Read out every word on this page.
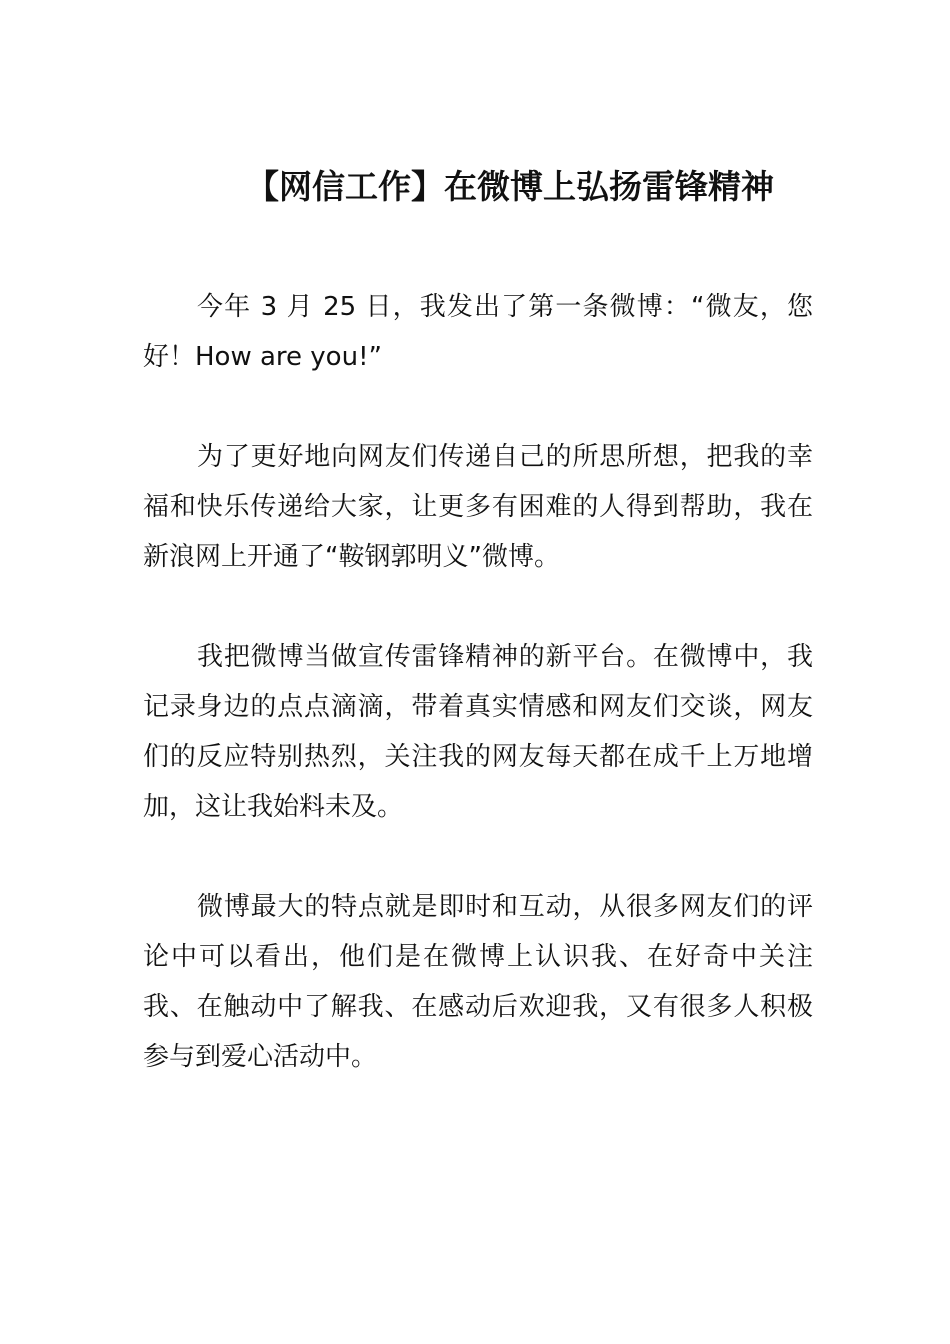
【网信工作】在微博上弘扬雷锋精神

今年 3 月 25 日，我发出了第一条微博：“微友，您好！How are you!”

为了更好地向网友们传递自己的所思所想，把我的幸福和快乐传递给大家，让更多有困难的人得到帮助，我在新浪网上开通了“鞍钢郭明义”微博。

我把微博当做宣传雷锋精神的新平台。在微博中，我记录身边的点点滴滴，带着真实情感和网友们交谈，网友们的反应特别热烈，关注我的网友每天都在成千上万地增加，这让我始料未及。

微博最大的特点就是即时和互动，从很多网友们的评论中可以看出，他们是在微博上认识我、在好奇中关注我、在触动中了解我、在感动后欢迎我，又有很多人积极参与到爱心活动中。
